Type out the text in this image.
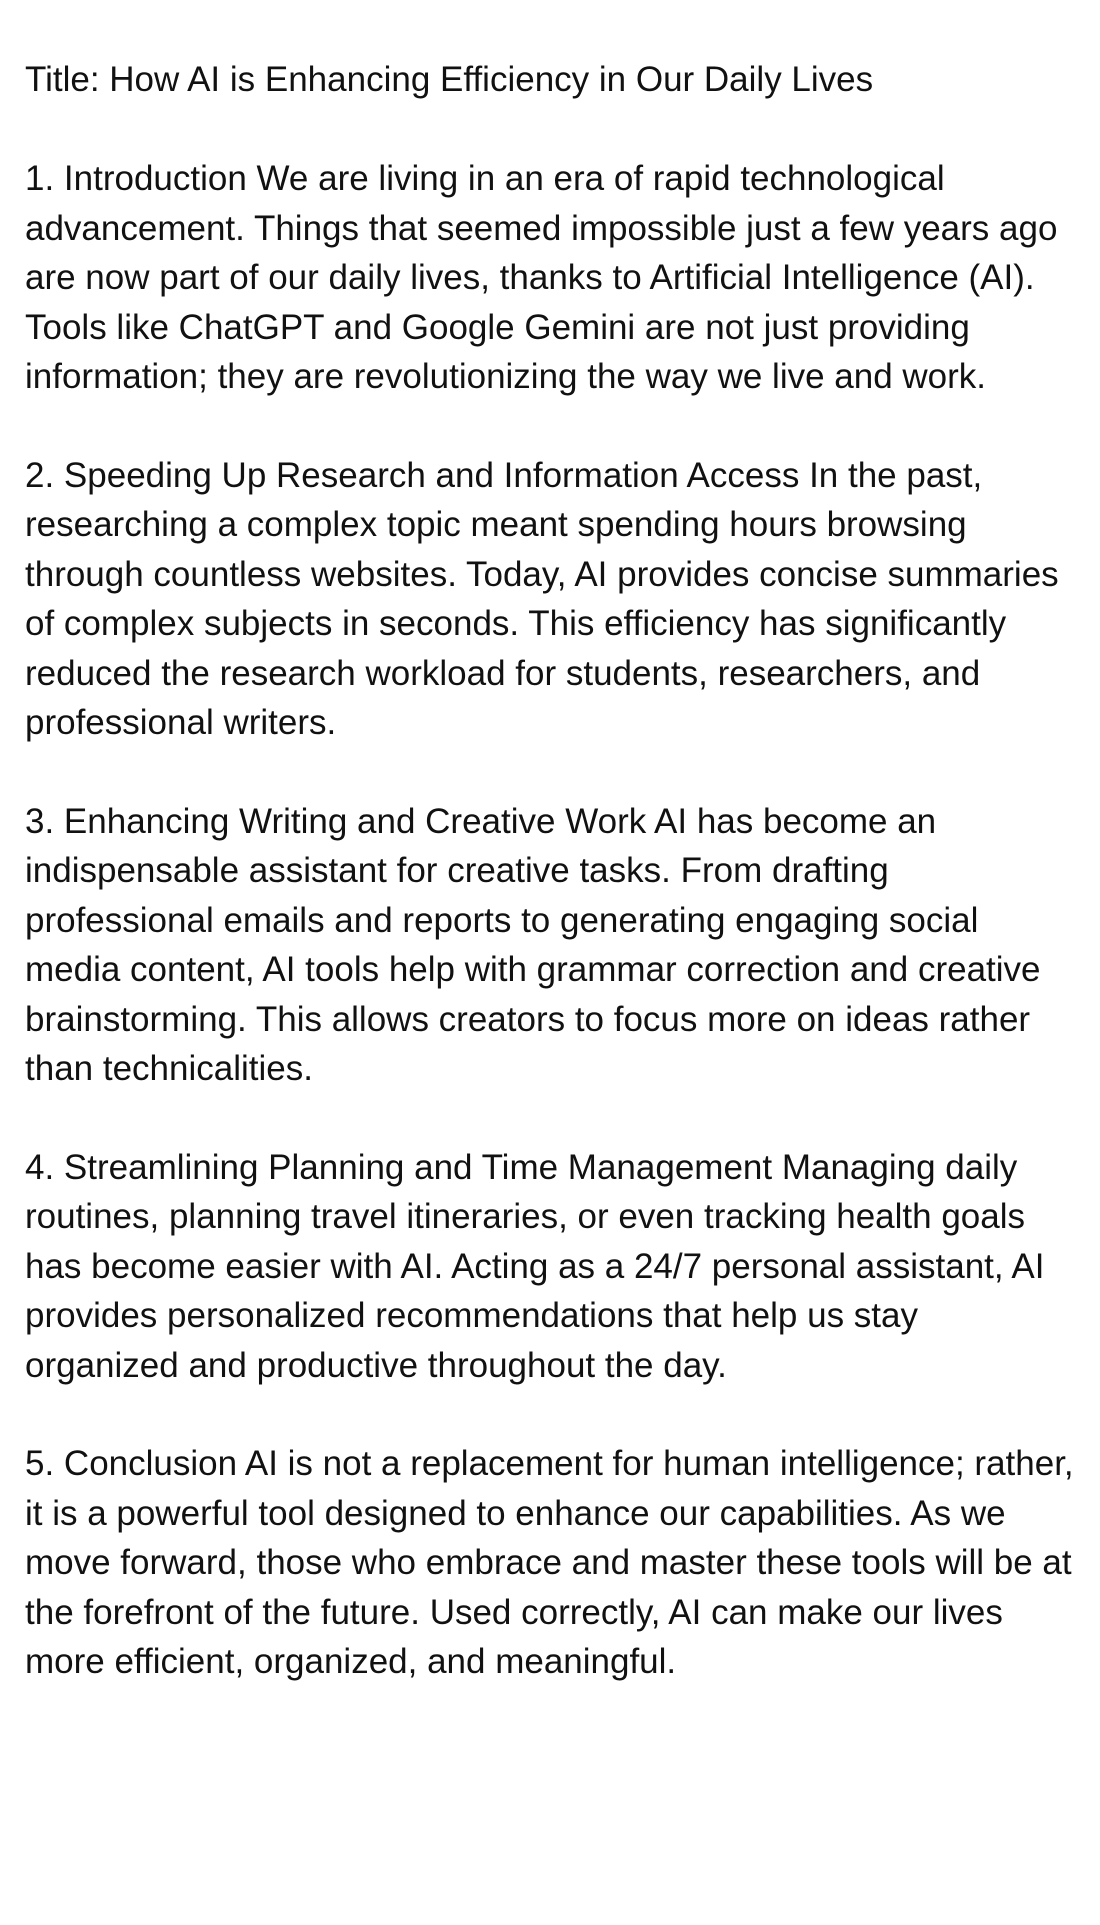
Title: How AI is Enhancing Efficiency in Our Daily Lives

1. Introduction We are living in an era of rapid technological advancement. Things that seemed impossible just a few years ago are now part of our daily lives, thanks to Artificial Intelligence (AI). Tools like ChatGPT and Google Gemini are not just providing information; they are revolutionizing the way we live and work.

2. Speeding Up Research and Information Access In the past, researching a complex topic meant spending hours browsing through countless websites. Today, AI provides concise summaries of complex subjects in seconds. This efficiency has significantly reduced the research workload for students, researchers, and professional writers.

3. Enhancing Writing and Creative Work AI has become an indispensable assistant for creative tasks. From drafting professional emails and reports to generating engaging social media content, AI tools help with grammar correction and creative brainstorming. This allows creators to focus more on ideas rather than technicalities.

4. Streamlining Planning and Time Management Managing daily routines, planning travel itineraries, or even tracking health goals has become easier with AI. Acting as a 24/7 personal assistant, AI provides personalized recommendations that help us stay organized and productive throughout the day.

5. Conclusion AI is not a replacement for human intelligence; rather, it is a powerful tool designed to enhance our capabilities. As we move forward, those who embrace and master these tools will be at the forefront of the future. Used correctly, AI can make our lives more efficient, organized, and meaningful.
